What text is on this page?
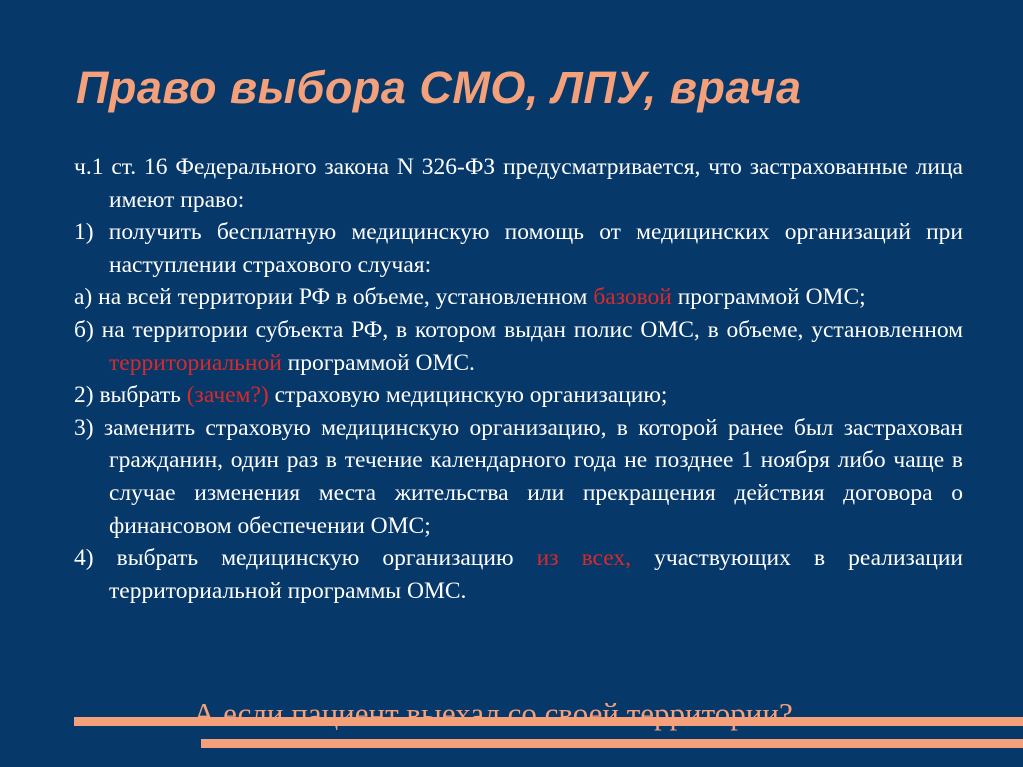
Право выбора СМО, ЛПУ, врача

ч.1 ст. 16 Федерального закона N 326-ФЗ предусматривается, что застрахованные лица имеют право:

1) получить бесплатную медицинскую помощь от медицинских организаций при наступлении страхового случая:

а) на всей территории РФ в объеме, установленном базовой программой ОМС;

б) на территории субъекта РФ, в котором выдан полис ОМС, в объеме, установленном территориальной программой ОМС.

2) выбрать (зачем?) страховую медицинскую организацию;

3) заменить страховую медицинскую организацию, в которой ранее был застрахован гражданин, один раз в течение календарного года не позднее 1 ноября либо чаще в случае изменения места жительства или прекращения действия договора о финансовом обеспечении ОМС;

4) выбрать медицинскую организацию из всех, участвующих в реализации территориальной программы ОМС.

А если пациент выехал со своей территории?
